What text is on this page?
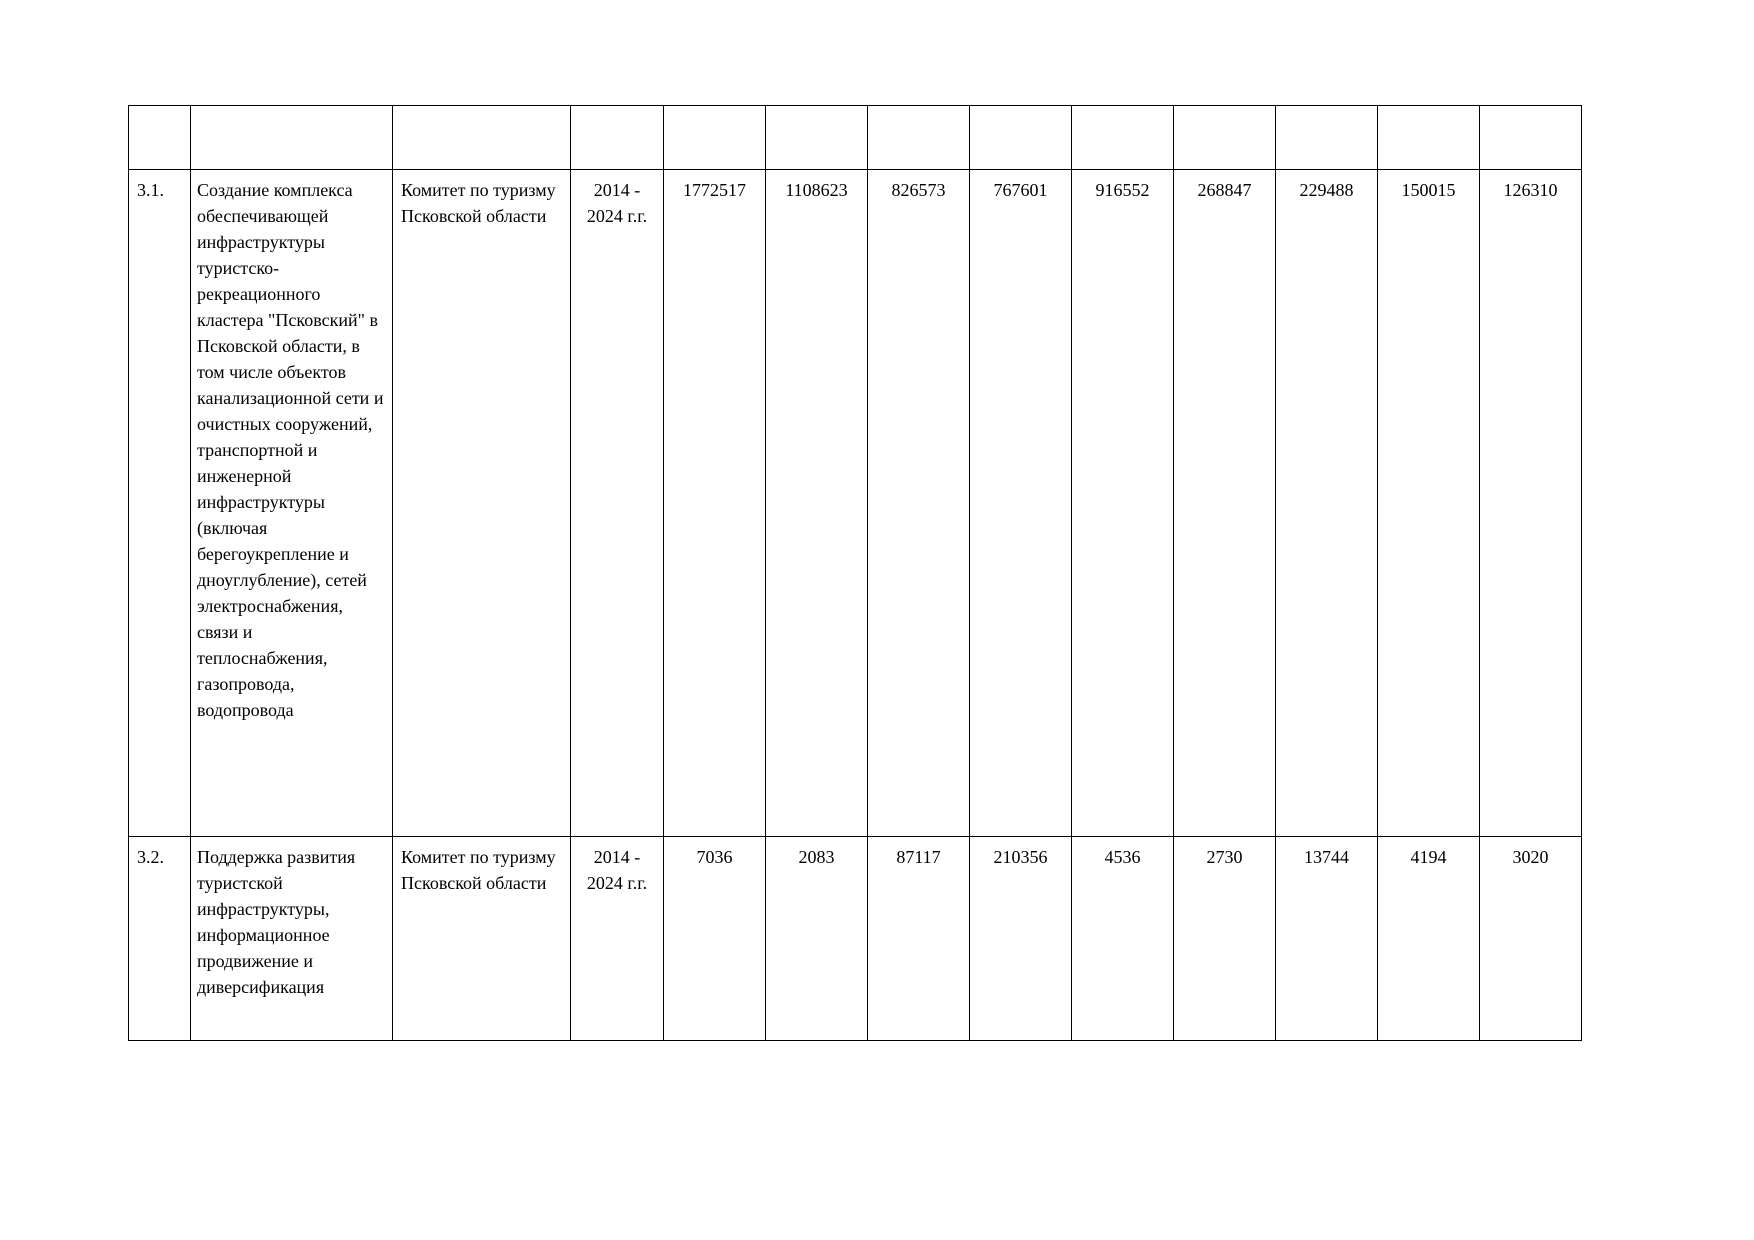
3.1.	Создание комплекса обеспечивающей инфраструктуры туристско-рекреационного кластера "Псковский" в Псковской области, в том числе объектов канализационной сети и очистных сооружений, транспортной и инженерной инфраструктуры (включая берегоукрепление и дноуглубление), сетей электроснабжения, связи и теплоснабжения, газопровода, водопровода	Комитет по туризму Псковской области	2014 - 2024 г.г.	1772517	1108623	826573	767601	916552	268847	229488	150015	126310
3.2.	Поддержка развития туристской инфраструктуры, информационное продвижение и диверсификация	Комитет по туризму Псковской области	2014 - 2024 г.г.	7036	2083	87117	210356	4536	2730	13744	4194	3020
